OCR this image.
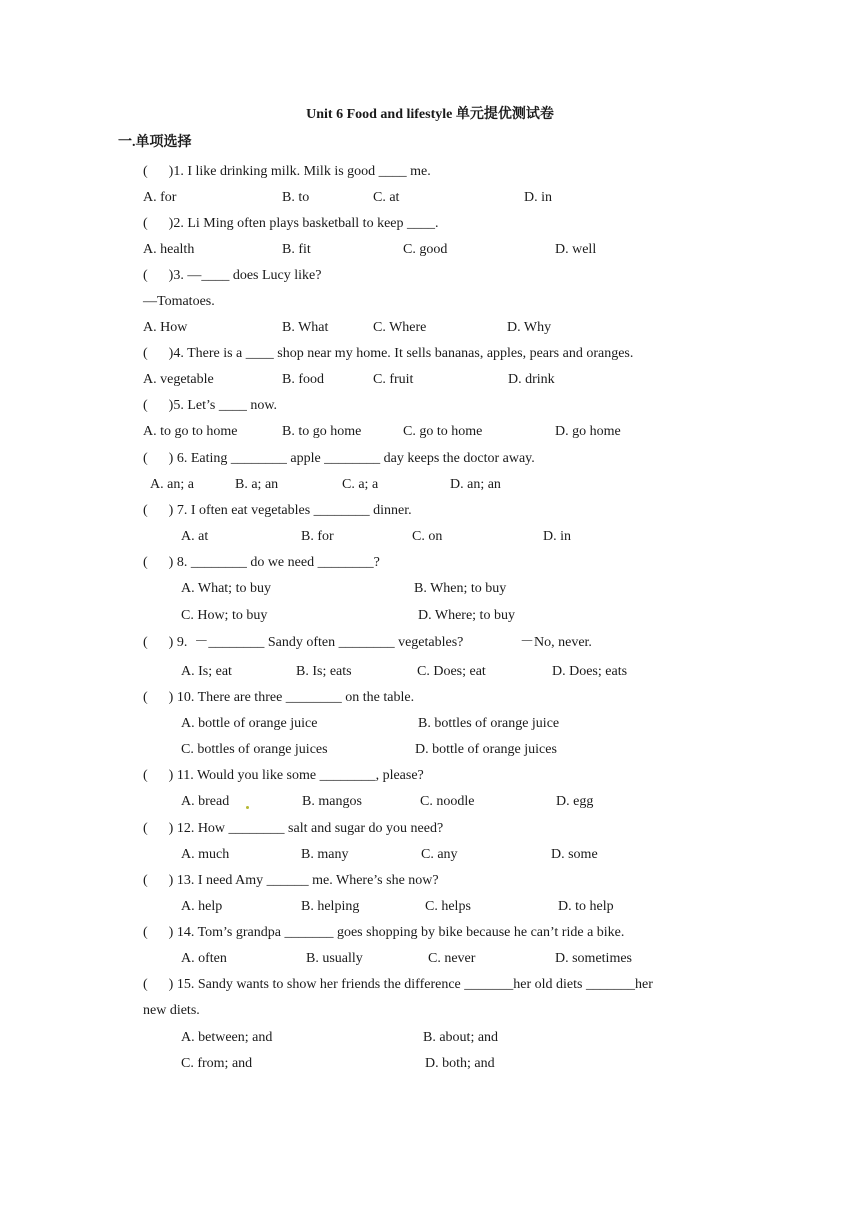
Unit 6 Food and lifestyle 单元提优测试卷
一.单项选择
(      )1. I like drinking milk. Milk is good ____ me.
A. for	B. to	C. at	D. in
(      )2. Li Ming often plays basketball to keep ____.
A. health	B. fit	C. good	D. well
(      )3. —____ does Lucy like?
—Tomatoes.
A. How	B. What	C. Where	D. Why
(      )4. There is a ____ shop near my home. It sells bananas, apples, pears and oranges.
A. vegetable	B. food	C. fruit	D. drink
(      )5. Let’s ____ now.
A. to go to home	B. to go home	C. go to home	D. go home
(      ) 6. Eating ________ apple ________ day keeps the doctor away.
A. an; a	B. a; an	C. a; a	D. an; an
(      ) 7. I often eat vegetables ________ dinner.
A. at	B. for	C. on	D. in
(      ) 8. ________ do we need ________?
A. What; to buy	B. When; to buy
C. How; to buy	D. Where; to buy
(      ) 9.  －________ Sandy often ________ vegetables?	－No, never.
A. Is; eat	B. Is; eats	C. Does; eat	D. Does; eats
(      ) 10. There are three ________ on the table.
A. bottle of orange juice	B. bottles of orange juice
C. bottles of orange juices	D. bottle of orange juices
(      ) 11. Would you like some ________, please?
A. bread	B. mangos	C. noodle	D. egg
(      ) 12. How ________ salt and sugar do you need?
A. much	B. many	C. any	D. some
(      ) 13. I need Amy ______ me. Where’s she now?
A. help	B. helping	C. helps	D. to help
(      ) 14. Tom’s grandpa _______ goes shopping by bike because he can’t ride a bike.
A. often	B. usually	C. never	D. sometimes
(      ) 15. Sandy wants to show her friends the difference _______her old diets _______her
new diets.
A. between; and	B. about; and
C. from; and	D. both; and
